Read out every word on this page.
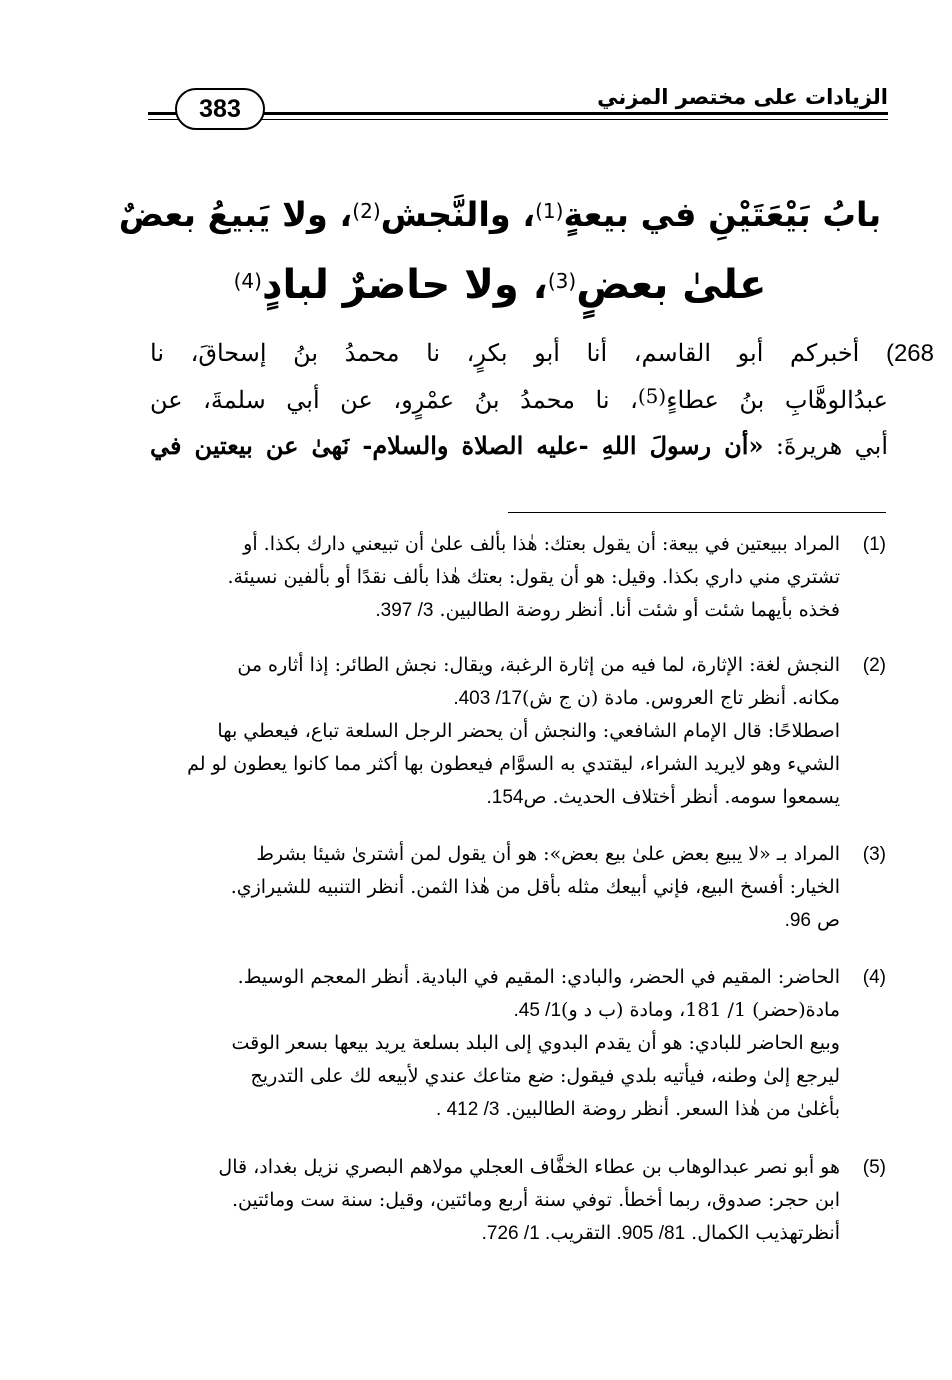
383	الزيادات على مختصر المزني
بابُ بَيْعَتَيْنِ في بيعةٍ$^{(1)}$، والنَّجش$^{(2)}$، ولا يَبيعُ بعضٌ
علىٰ بعضٍ$^{(3)}$، ولا حاضرٌ لبادٍ$^{(4)}$
268) أخبركم أبو القاسم، أنا أبو بكرٍ، نا محمدُ بنُ إسحاقَ، نا
عبدُالوهَّابِ بنُ عطاءٍ$^{(5)}$، نا محمدُ بنُ عمْرٍو، عن أبي سلمةَ، عن
أبي هريرةَ: «أن رسولَ اللهِ -عليه الصلاة والسلام- نَهىٰ عن بيعتين في
(1)
المراد ببيعتين في بيعة: أن يقول بعتك: هٰذا بألف علىٰ أن تبيعني دارك بكذا. أو
تشتري مني داري بكذا. وقيل: هو أن يقول: بعتك هٰذا بألف نقدًا أو بألفين نسيئة.
فخذه بأيهما شئت أو شئت أنا. أنظر روضة الطالبين. 3/ 397.
(2)
النجش لغة: الإثارة، لما فيه من إثارة الرغبة، ويقال: نجش الطائر: إذا أثاره من
مكانه. أنظر تاج العروس. مادة (ن ج ش)17/ 403.
اصطلاحًا: قال الإمام الشافعي: والنجش أن يحضر الرجل السلعة تباع، فيعطي بها
الشيء وهو لايريد الشراء، ليقتدي به السوَّام فيعطون بها أكثر مما كانوا يعطون لو لم
يسمعوا سومه. أنظر أختلاف الحديث. ص154.
(3)
المراد بـ «لا يبيع بعض علىٰ بيع بعض»: هو أن يقول لمن أشترىٰ شيئا بشرط
الخيار: أفسخ البيع، فإني أبيعك مثله بأقل من هٰذا الثمن. أنظر التنبيه للشيرازي.
ص 96.
(4)
الحاضر: المقيم في الحضر، والبادي: المقيم في البادية. أنظر المعجم الوسيط.
مادة(حضر) 1/ 181، ومادة (ب د و)1/ 45.
وبيع الحاضر للبادي: هو أن يقدم البدوي إلى البلد بسلعة يريد بيعها بسعر الوقت
ليرجع إلىٰ وطنه، فيأتيه بلدي فيقول: ضع متاعك عندي لأبيعه لك على التدريج
بأغلىٰ من هٰذا السعر. أنظر روضة الطالبين. 3/ 412 .
(5)
هو أبو نصر عبدالوهاب بن عطاء الخفَّاف العجلي مولاهم البصري نزيل بغداد، قال
ابن حجر: صدوق، ربما أخطأ. توفي سنة أربع ومائتين، وقيل: سنة ست ومائتين.
أنظرتهذيب الكمال. 81/ 905. التقريب. 1/ 726.
